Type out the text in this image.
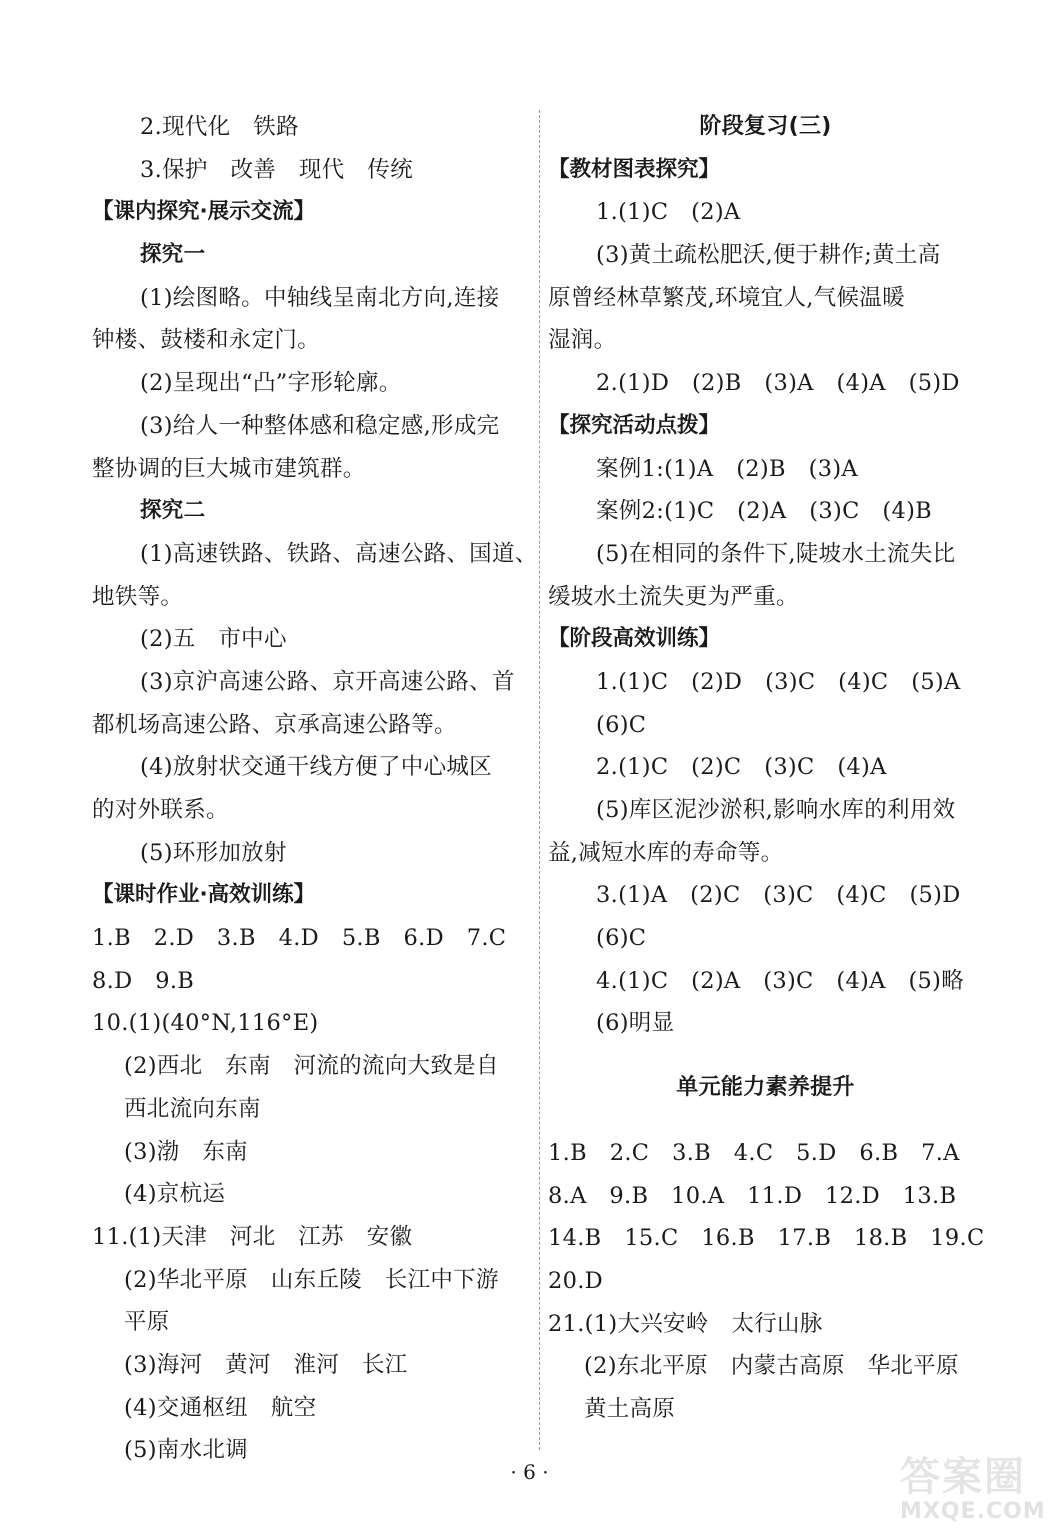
2.现代化　铁路
3.保护　改善　现代　传统
【课内探究·展示交流】
探究一
(1)绘图略。中轴线呈南北方向,连接
钟楼、鼓楼和永定门。
(2)呈现出“凸”字形轮廓。
(3)给人一种整体感和稳定感,形成完
整协调的巨大城市建筑群。
探究二
(1)高速铁路、铁路、高速公路、国道、
地铁等。
(2)五　市中心
(3)京沪高速公路、京开高速公路、首
都机场高速公路、京承高速公路等。
(4)放射状交通干线方便了中心城区
的对外联系。
(5)环形加放射
【课时作业·高效训练】
1.B　2.D　3.B　4.D　5.B　6.D　7.C
8.D　9.B
10.(1)(40°N,116°E)
(2)西北　东南　河流的流向大致是自
西北流向东南
(3)渤　东南
(4)京杭运
11.(1)天津　河北　江苏　安徽
(2)华北平原　山东丘陵　长江中下游
平原
(3)海河　黄河　淮河　长江
(4)交通枢纽　航空
(5)南水北调
阶段复习(三)
【教材图表探究】
1.(1)C　(2)A
(3)黄土疏松肥沃,便于耕作;黄土高
原曾经林草繁茂,环境宜人,气候温暖
湿润。
2.(1)D　(2)B　(3)A　(4)A　(5)D
【探究活动点拨】
案例1:(1)A　(2)B　(3)A
案例2:(1)C　(2)A　(3)C　(4)B
(5)在相同的条件下,陡坡水土流失比
缓坡水土流失更为严重。
【阶段高效训练】
1.(1)C　(2)D　(3)C　(4)C　(5)A
(6)C
2.(1)C　(2)C　(3)C　(4)A
(5)库区泥沙淤积,影响水库的利用效
益,减短水库的寿命等。
3.(1)A　(2)C　(3)C　(4)C　(5)D
(6)C
4.(1)C　(2)A　(3)C　(4)A　(5)略
(6)明显
单元能力素养提升
1.B　2.C　3.B　4.C　5.D　6.B　7.A
8.A　9.B　10.A　11.D　12.D　13.B
14.B　15.C　16.B　17.B　18.B　19.C
20.D
21.(1)大兴安岭　太行山脉
(2)东北平原　内蒙古高原　华北平原
黄土高原
· 6 ·	答案圈
MXQE.COM
